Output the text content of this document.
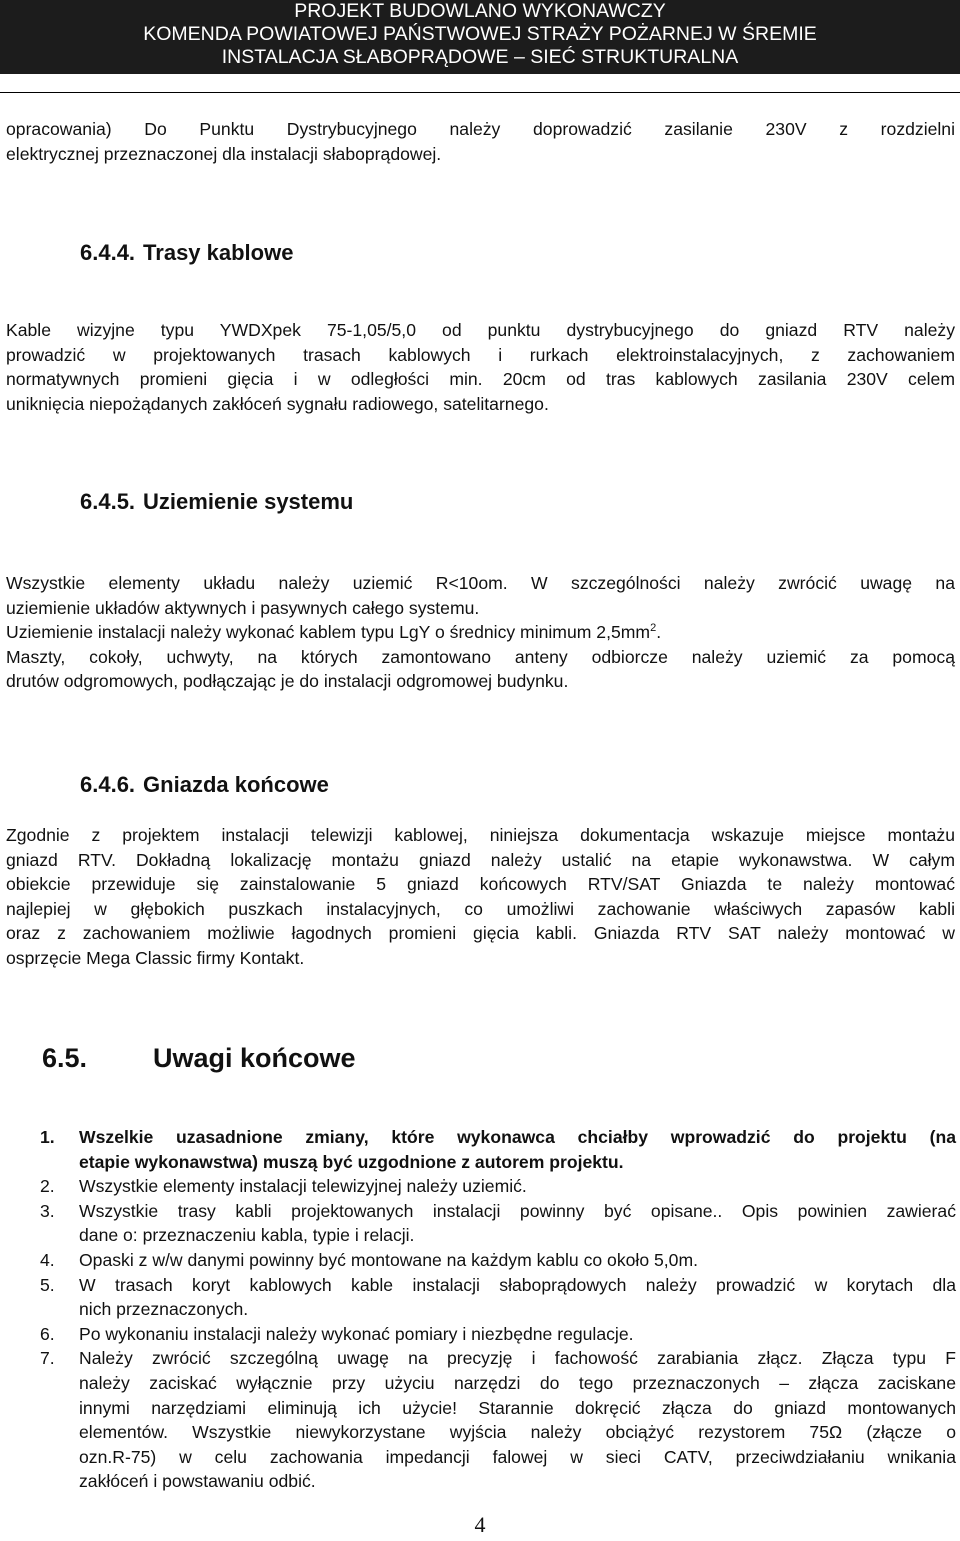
PROJEKT BUDOWLANO WYKONAWCZY
KOMENDA POWIATOWEJ PAŃSTWOWEJ STRAŻY POŻARNEJ W ŚREMIE
INSTALACJA SŁABOPRĄDOWE – SIEĆ STRUKTURALNA
opracowania) Do Punktu Dystrybucyjnego należy doprowadzić zasilanie 230V z rozdzielni
elektrycznej przeznaczonej dla instalacji słaboprądowej.
6.4.4. Trasy kablowe
Kable wizyjne typu YWDXpek 75-1,05/5,0 od punktu dystrybucyjnego do gniazd RTV należy
prowadzić w projektowanych trasach kablowych i rurkach elektroinstalacyjnych, z zachowaniem
normatywnych promieni gięcia i w odległości min. 20cm od tras kablowych zasilania 230V celem
uniknięcia niepożądanych zakłóceń sygnału radiowego, satelitarnego.
6.4.5. Uziemienie systemu
Wszystkie elementy układu należy uziemić R<10om. W szczególności należy zwrócić uwagę na
uziemienie układów aktywnych i pasywnych całego systemu.
Uziemienie instalacji należy wykonać kablem typu LgY o średnicy minimum $2,5mm^2$.
Maszty, cokoły, uchwyty, na których zamontowano anteny odbiorcze należy uziemić za pomocą
drutów odgromowych, podłączając je do instalacji odgromowej budynku.
6.4.6. Gniazda końcowe
Zgodnie z projektem instalacji telewizji kablowej, niniejsza dokumentacja wskazuje miejsce montażu
gniazd RTV. Dokładną lokalizację montażu gniazd należy ustalić na etapie wykonawstwa. W całym
obiekcie przewiduje się zainstalowanie 5 gniazd końcowych RTV/SAT Gniazda te należy montować
najlepiej w głębokich puszkach instalacyjnych, co umożliwi zachowanie właściwych zapasów kabli
oraz z zachowaniem możliwie łagodnych promieni gięcia kabli. Gniazda RTV SAT należy montować w
osprzęcie Mega Classic firmy Kontakt.
6.5. Uwagi końcowe
1. Wszelkie uzasadnione zmiany, które wykonawca chciałby wprowadzić do projektu (na
etapie wykonawstwa) muszą być uzgodnione z autorem projektu.
2. Wszystkie elementy instalacji telewizyjnej należy uziemić.
3. Wszystkie trasy kabli projektowanych instalacji powinny być opisane.. Opis powinien zawierać
dane o: przeznaczeniu kabla, typie i relacji.
4. Opaski z w/w danymi powinny być montowane na każdym kablu co około 5,0m.
5. W trasach koryt kablowych kable instalacji słaboprądowych należy prowadzić w korytach dla
nich przeznaczonych.
6. Po wykonaniu instalacji należy wykonać pomiary i niezbędne regulacje.
7. Należy zwrócić szczególną uwagę na precyzję i fachowość zarabiania złącz. Złącza typu F
należy zaciskać wyłącznie przy użyciu narzędzi do tego przeznaczonych – złącza zaciskane
innymi narzędziami eliminują ich użycie! Starannie dokręcić złącza do gniazd montowanych
elementów. Wszystkie niewykorzystane wyjścia należy obciążyć rezystorem 75Ω (złącze o
ozn.R-75) w celu zachowania impedancji falowej w sieci CATV, przeciwdziałaniu wnikania
zakłóceń i powstawaniu odbić.
4
